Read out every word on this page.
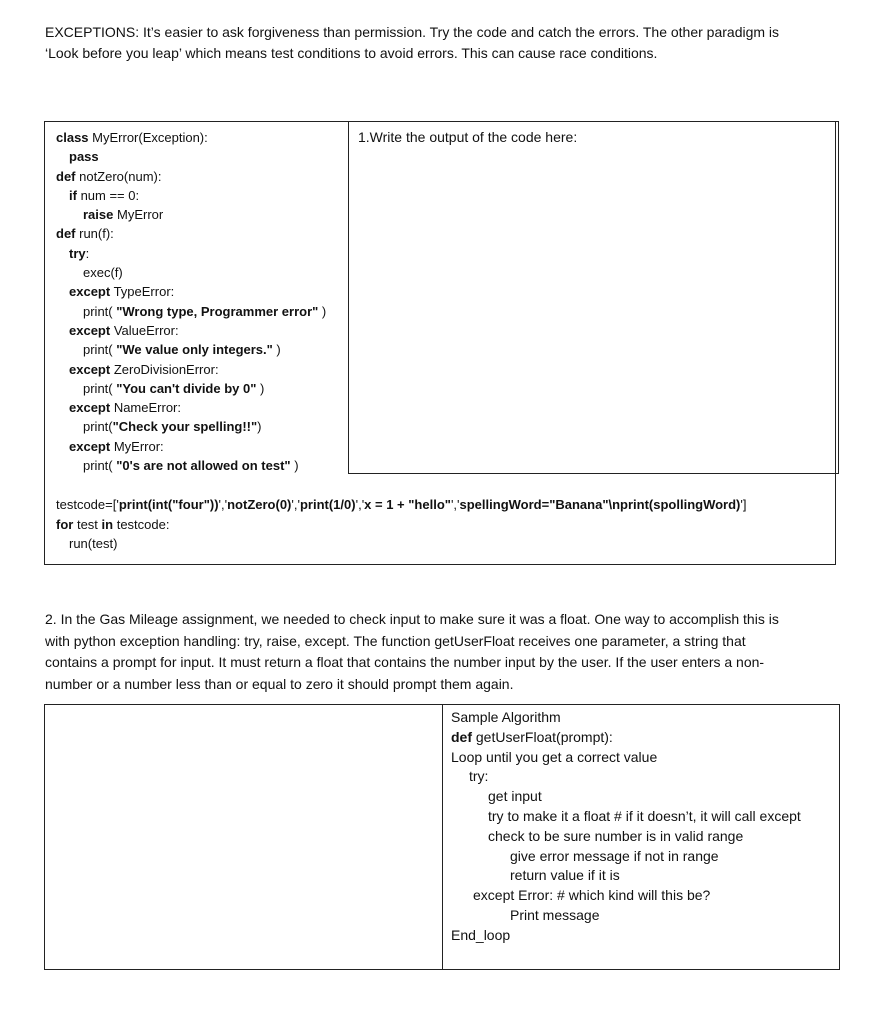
EXCEPTIONS: It’s easier to ask forgiveness than permission. Try the code and catch the errors. The other paradigm is
‘Look before you leap’ which means test conditions to avoid errors. This can cause race conditions.
class MyError(Exception):
pass
def notZero(num):
if num == 0:
raise MyError
def run(f):
try:
exec(f)
except TypeError:
print( "Wrong type, Programmer error" )
except ValueError:
print( "We value only integers." )
except ZeroDivisionError:
print( "You can't divide by 0" )
except NameError:
print("Check your spelling!!")
except MyError:
print( "0's are not allowed on test" )
1.Write the output of the code here:
testcode=['print(int("four"))','notZero(0)','print(1/0)','x = 1 + "hello"','spellingWord="Banana"\nprint(spollingWord)']
for test in testcode:
run(test)
2. In the Gas Mileage assignment, we needed to check input to make sure it was a float. One way to accomplish this is
with python exception handling: try, raise, except. The function getUserFloat receives one parameter, a string that
contains a prompt for input. It must return a float that contains the number input by the user. If the user enters a non-
number or a number less than or equal to zero it should prompt them again.
Sample Algorithm
def getUserFloat(prompt):
Loop until you get a correct value
try:
get input
try to make it a float # if it doesn’t, it will call except
check to be sure number is in valid range
give error message if not in range
return value if it is
except Error: # which kind will this be?
Print message
End_loop
